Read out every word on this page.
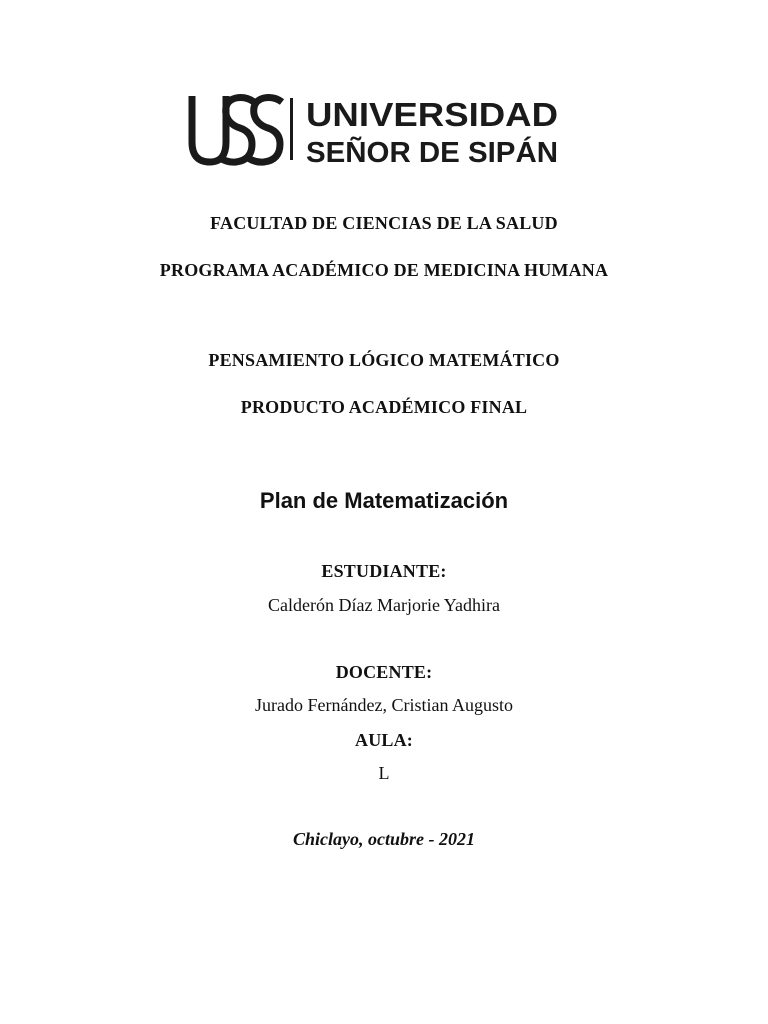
UNIVERSIDAD
SEÑOR DE SIPÁN
FACULTAD DE CIENCIAS DE LA SALUD
PROGRAMA ACADÉMICO DE MEDICINA HUMANA
PENSAMIENTO LÓGICO MATEMÁTICO
PRODUCTO ACADÉMICO FINAL
Plan de Matematización
ESTUDIANTE:
Calderón Díaz Marjorie Yadhira
DOCENTE:
Jurado Fernández, Cristian Augusto
AULA:
L
Chiclayo, octubre - 2021
